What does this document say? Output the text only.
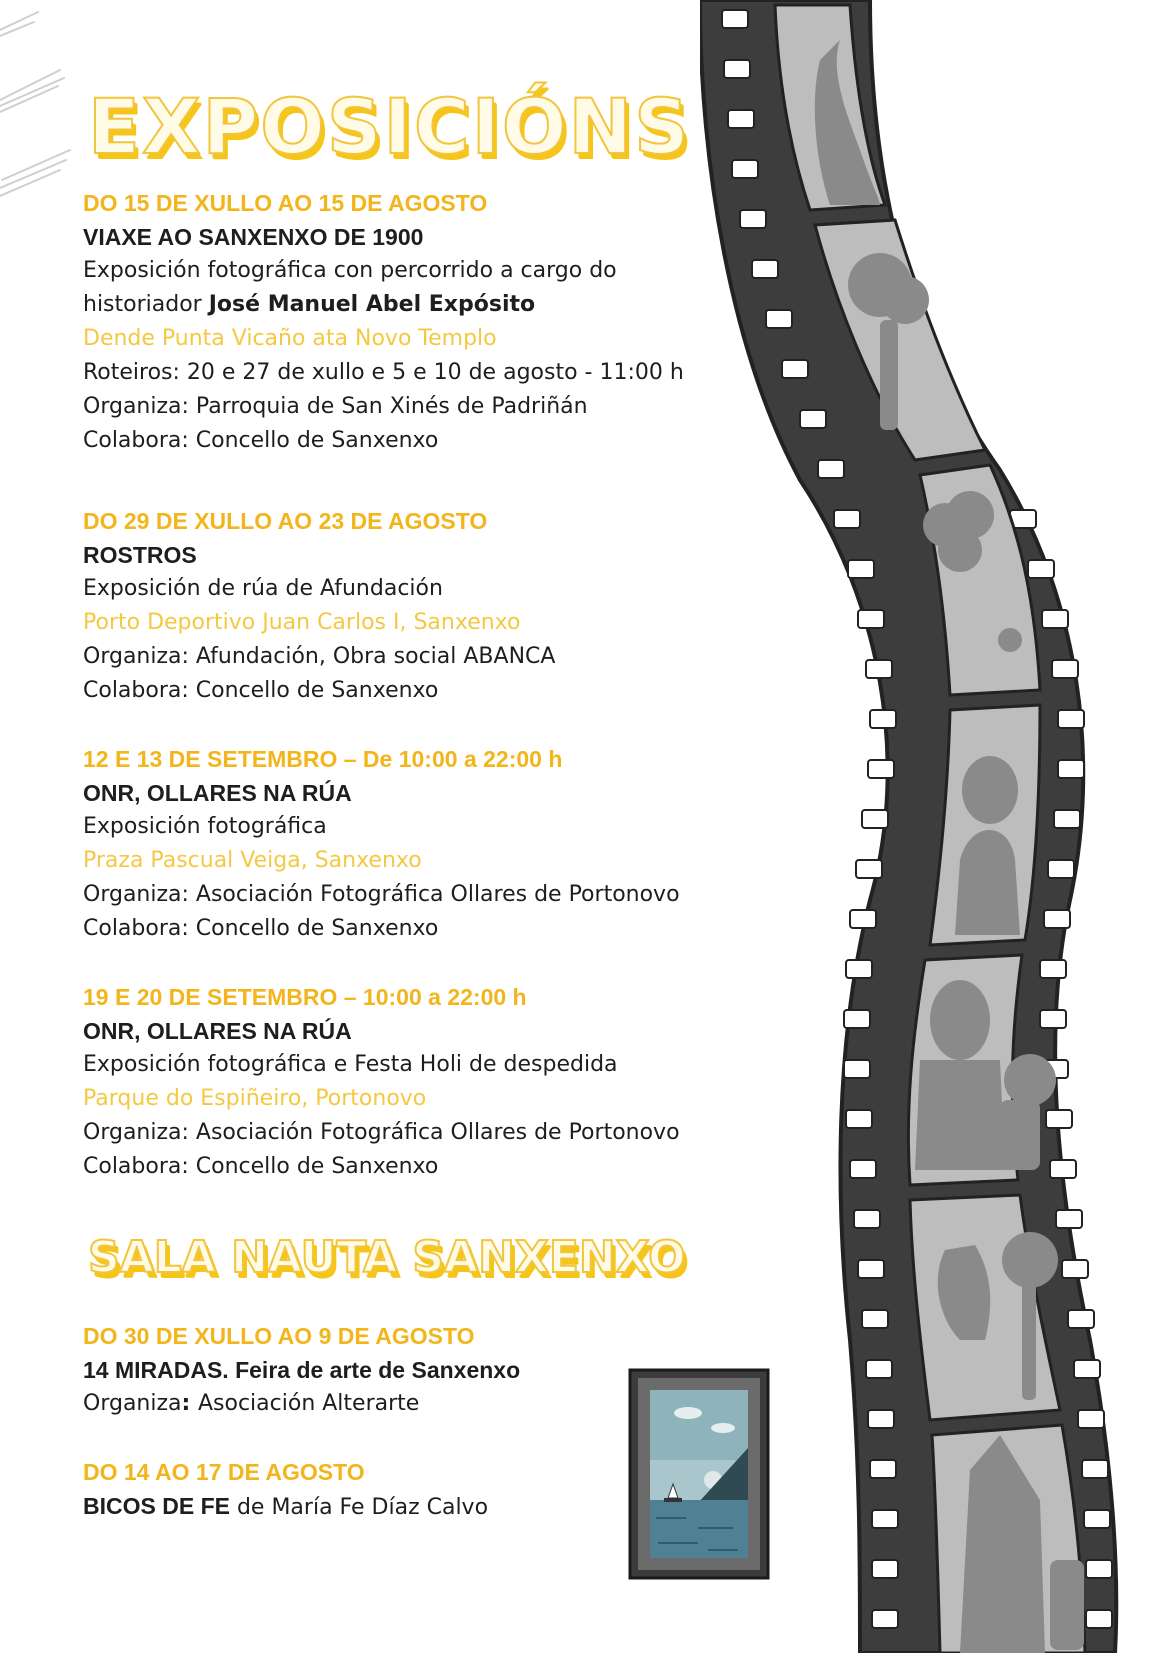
EXPOSICIÓNS
DO 15 DE XULLO AO 15 DE AGOSTO
VIAXE AO SANXENXO DE 1900
Exposición fotográfica con percorrido a cargo do
historiador José Manuel Abel Expósito
Dende Punta Vicaño ata Novo Templo
Roteiros: 20 e 27 de xullo e 5 e 10 de agosto - 11:00 h
Organiza: Parroquia de San Xinés de Padriñán
Colabora: Concello de Sanxenxo
DO 29 DE XULLO AO 23 DE AGOSTO
ROSTROS
Exposición de rúa de Afundación
Porto Deportivo Juan Carlos I, Sanxenxo
Organiza: Afundación, Obra social ABANCA
Colabora: Concello de Sanxenxo
12 E 13 DE SETEMBRO – De 10:00 a 22:00 h
ONR, OLLARES NA RÚA
Exposición fotográfica
Praza Pascual Veiga, Sanxenxo
Organiza: Asociación Fotográfica Ollares de Portonovo
Colabora: Concello de Sanxenxo
19 E 20 DE SETEMBRO – 10:00 a 22:00 h
ONR, OLLARES NA RÚA
Exposición fotográfica e Festa Holi de despedida
Parque do Espiñeiro, Portonovo
Organiza: Asociación Fotográfica Ollares de Portonovo
Colabora: Concello de Sanxenxo
SALA NAUTA SANXENXO
DO 30 DE XULLO AO 9 DE AGOSTO
14 MIRADAS. Feira de arte de Sanxenxo
Organiza: Asociación Alterarte
DO 14 AO 17 DE AGOSTO
BICOS DE FE de María Fe Díaz Calvo
